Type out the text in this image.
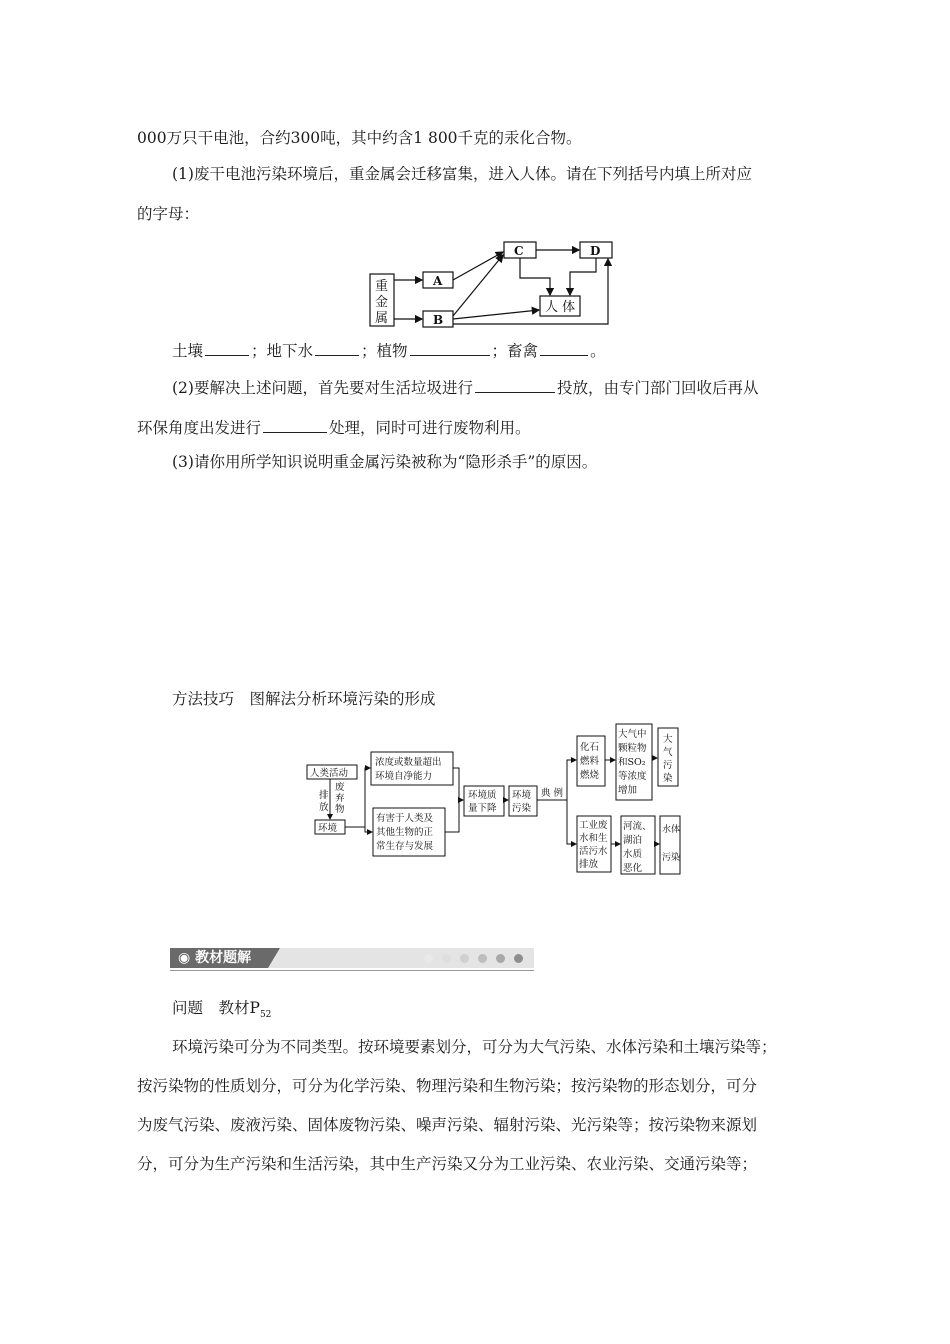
000万只干电池，合约300吨，其中约含1 800千克的汞化合物。
(1)废干电池污染环境后，重金属会迁移富集，进入人体。请在下列括号内填上所对应
的字母：
重
金
属
A
B
C	D
人 体
土壤	；地下水	；植物	；畜禽	。
(2)要解决上述问题，首先要对生活垃圾进行	投放，由专门部门回收后再从
环保角度出发进行	处理，同时可进行废物利用。
(3)请你用所学知识说明重金属污染被称为“隐形杀手”的原因。
方法技巧　图解法分析环境污染的形成
人类活动
排
放
废
弃
物
环境
浓度或数量超出
环境自净能力
有害于人类及
其他生物的正
常生存与发展
环境质
量下降
环境
污染
典 例
化石
燃料
燃烧
大气中
颗粒物
和SO₂
等浓度
增加
大
气
污
染
工业废
水和生
活污水
排放
河流、
湖泊
水质
恶化
水体
污染
◉ 教材题解
问题　教材$P_{52}$
环境污染可分为不同类型。按环境要素划分，可分为大气污染、水体污染和土壤污染等；
按污染物的性质划分，可分为化学污染、物理污染和生物污染；按污染物的形态划分，可分
为废气污染、废液污染、固体废物污染、噪声污染、辐射污染、光污染等；按污染物来源划
分，可分为生产污染和生活污染，其中生产污染又分为工业污染、农业污染、交通污染等；
